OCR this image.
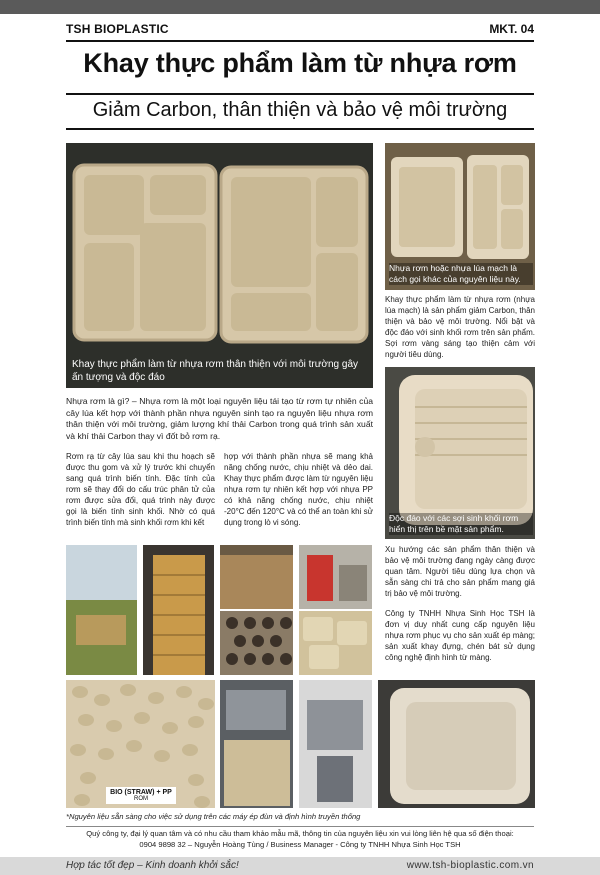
TSH BIOPLASTIC	MKT. 04
Khay thực phẩm làm từ nhựa rơm
Giảm Carbon, thân thiện và bảo vệ môi trường
Khay thực phẩm làm từ nhựa rơm thân thiện với môi trường gây ấn tượng và độc đáo
Nhựa rơm hoặc nhựa lúa mạch là cách gọi khác của nguyên liệu này.
Khay thực phẩm làm từ nhựa rơm (nhựa lúa mạch) là sản phẩm giảm Carbon, thân thiện và bảo vệ môi trường. Nổi bật và độc đáo với sinh khối rơm trên sản phẩm. Sợi rơm vàng sáng tạo thiện cảm với người tiêu dùng.
Độc đáo với các sợi sinh khối rơm hiển thị trên bề mặt sản phẩm.
Xu hướng các sản phẩm thân thiện và bảo vệ môi trường đang ngày càng được quan tâm. Người tiêu dùng lựa chọn và sẵn sàng chi trả cho sản phẩm mang giá trị bảo vệ môi trường.
Công ty TNHH Nhựa Sinh Học TSH là đơn vị duy nhất cung cấp nguyên liệu nhựa rơm phục vụ cho sản xuất ép màng; sản xuất khay đựng, chén bát sử dụng công nghệ định hình từ màng.
Nhựa rơm là gì? – Nhựa rơm là một loại nguyên liệu tái tạo từ rơm tự nhiên của cây lúa kết hợp với thành phần nhựa nguyên sinh tạo ra nguyên liệu nhựa rơm thân thiện với môi trường, giảm lượng khí thải Carbon trong quá trình sản xuất và khí thải Carbon thay vì đốt bỏ rơm rạ.
Rơm rạ từ cây lúa sau khi thu hoạch sẽ được thu gom và xử lý trước khi chuyển sang quá trình biến tính. Đặc tính của rơm sẽ thay đổi do cấu trúc phân tử của rơm được sửa đổi, quá trình này được gọi là biến tính sinh khối. Nhờ có quá trình biến tính mà sinh khối rơm khi kết
hợp với thành phần nhựa sẽ mang khả năng chống nước, chịu nhiệt và dẻo dai. Khay thực phẩm được làm từ nguyên liệu nhựa rơm tự nhiên kết hợp với nhựa PP có khả năng chống nước, chịu nhiệt -20°C đến 120°C và có thể an toàn khi sử dụng trong lò vi sóng.
BIO (STRAW) + PP
ROM
*Nguyên liệu sẵn sàng cho việc sử dụng trên các máy ép đùn và định hình truyền thống
Quý công ty, đại lý quan tâm và có nhu cầu tham khảo mẫu mã, thông tin của nguyên liệu xin vui lòng liên hệ qua số điện thoại:
0904 9898 32 – Nguyễn Hoàng Tùng / Business Manager - Công ty TNHH Nhựa Sinh Học TSH
Hợp tác tốt đẹp – Kinh doanh khởi sắc!	www.tsh-bioplastic.com.vn
